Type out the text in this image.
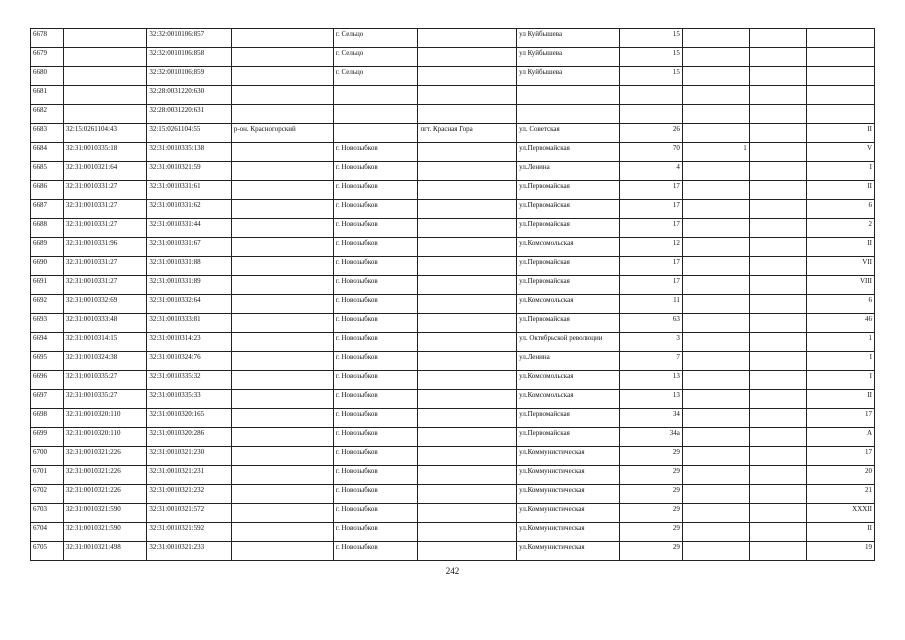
6678		32:32:0010106:857		г. Сельцо		ул Куйбышева	15			
6679		32:32:0010106:858		г. Сельцо		ул Куйбышева	15			
6680		32:32:0010106:859		г. Сельцо		ул Куйбышева	15			
6681		32:28:0031220:630								
6682		32:28:0031220:631								
6683	32:15:0261104:43	32:15:0261104:55	р-он. Красногорский		пгт. Красная Гора	ул. Советская	26			II
6684	32:31:0010335:18	32:31:0010335:138		г. Новозыбков		ул.Первомайская	70	1		V
6685	32:31:0010321:64	32:31:0010321:59		г. Новозыбков		ул.Ленина	4			I
6686	32:31:0010331:27	32:31:0010331:61		г. Новозыбков		ул.Первомайская	17			II
6687	32:31:0010331:27	32:31:0010331:62		г. Новозыбков		ул.Первомайская	17			6
6688	32:31:0010331:27	32:31:0010331:44		г. Новозыбков		ул.Первомайская	17			2
6689	32:31:0010331:96	32:31:0010331:67		г. Новозыбков		ул.Комсомольская	12			II
6690	32:31:0010331:27	32:31:0010331:88		г. Новозыбков		ул.Первомайская	17			VII
6691	32:31:0010331:27	32:31:0010331:89		г. Новозыбков		ул.Первомайская	17			VIII
6692	32:31:0010332:69	32:31:0010332:64		г. Новозыбков		ул.Комсомольская	11			6
6693	32:31:0010333:48	32:31:0010333:81		г. Новозыбков		ул.Первомайская	63			46
6694	32:31:0010314:15	32:31:0010314:23		г. Новозыбков		ул. Октябрьской революции	3			1
6695	32:31:0010324:38	32:31:0010324:76		г. Новозыбков		ул.Ленина	7			I
6696	32:31:0010335:27	32:31:0010335:32		г. Новозыбков		ул.Комсомольская	13			I
6697	32:31:0010335:27	32:31:0010335:33		г. Новозыбков		ул.Комсомольская	13			II
6698	32:31:0010320:110	32:31:0010320:165		г. Новозыбков		ул.Первомайская	34			17
6699	32:31:0010320:110	32:31:0010320:286		г. Новозыбков		ул.Первомайская	34а			А
6700	32:31:0010321:226	32:31:0010321:230		г. Новозыбков		ул.Коммунистическая	29			17
6701	32:31:0010321:226	32:31:0010321:231		г. Новозыбков		ул.Коммунистическая	29			20
6702	32:31:0010321:226	32:31:0010321:232		г. Новозыбков		ул.Коммунистическая	29			21
6703	32:31:0010321:590	32:31:0010321:572		г. Новозыбков		ул.Коммунистическая	29			XXXII
6704	32:31:0010321:590	32:31:0010321:592		г. Новозыбков		ул.Коммунистическая	29			II
6705	32:31:0010321:498	32:31:0010321:233		г. Новозыбков		ул.Коммунистическая	29			19
242
